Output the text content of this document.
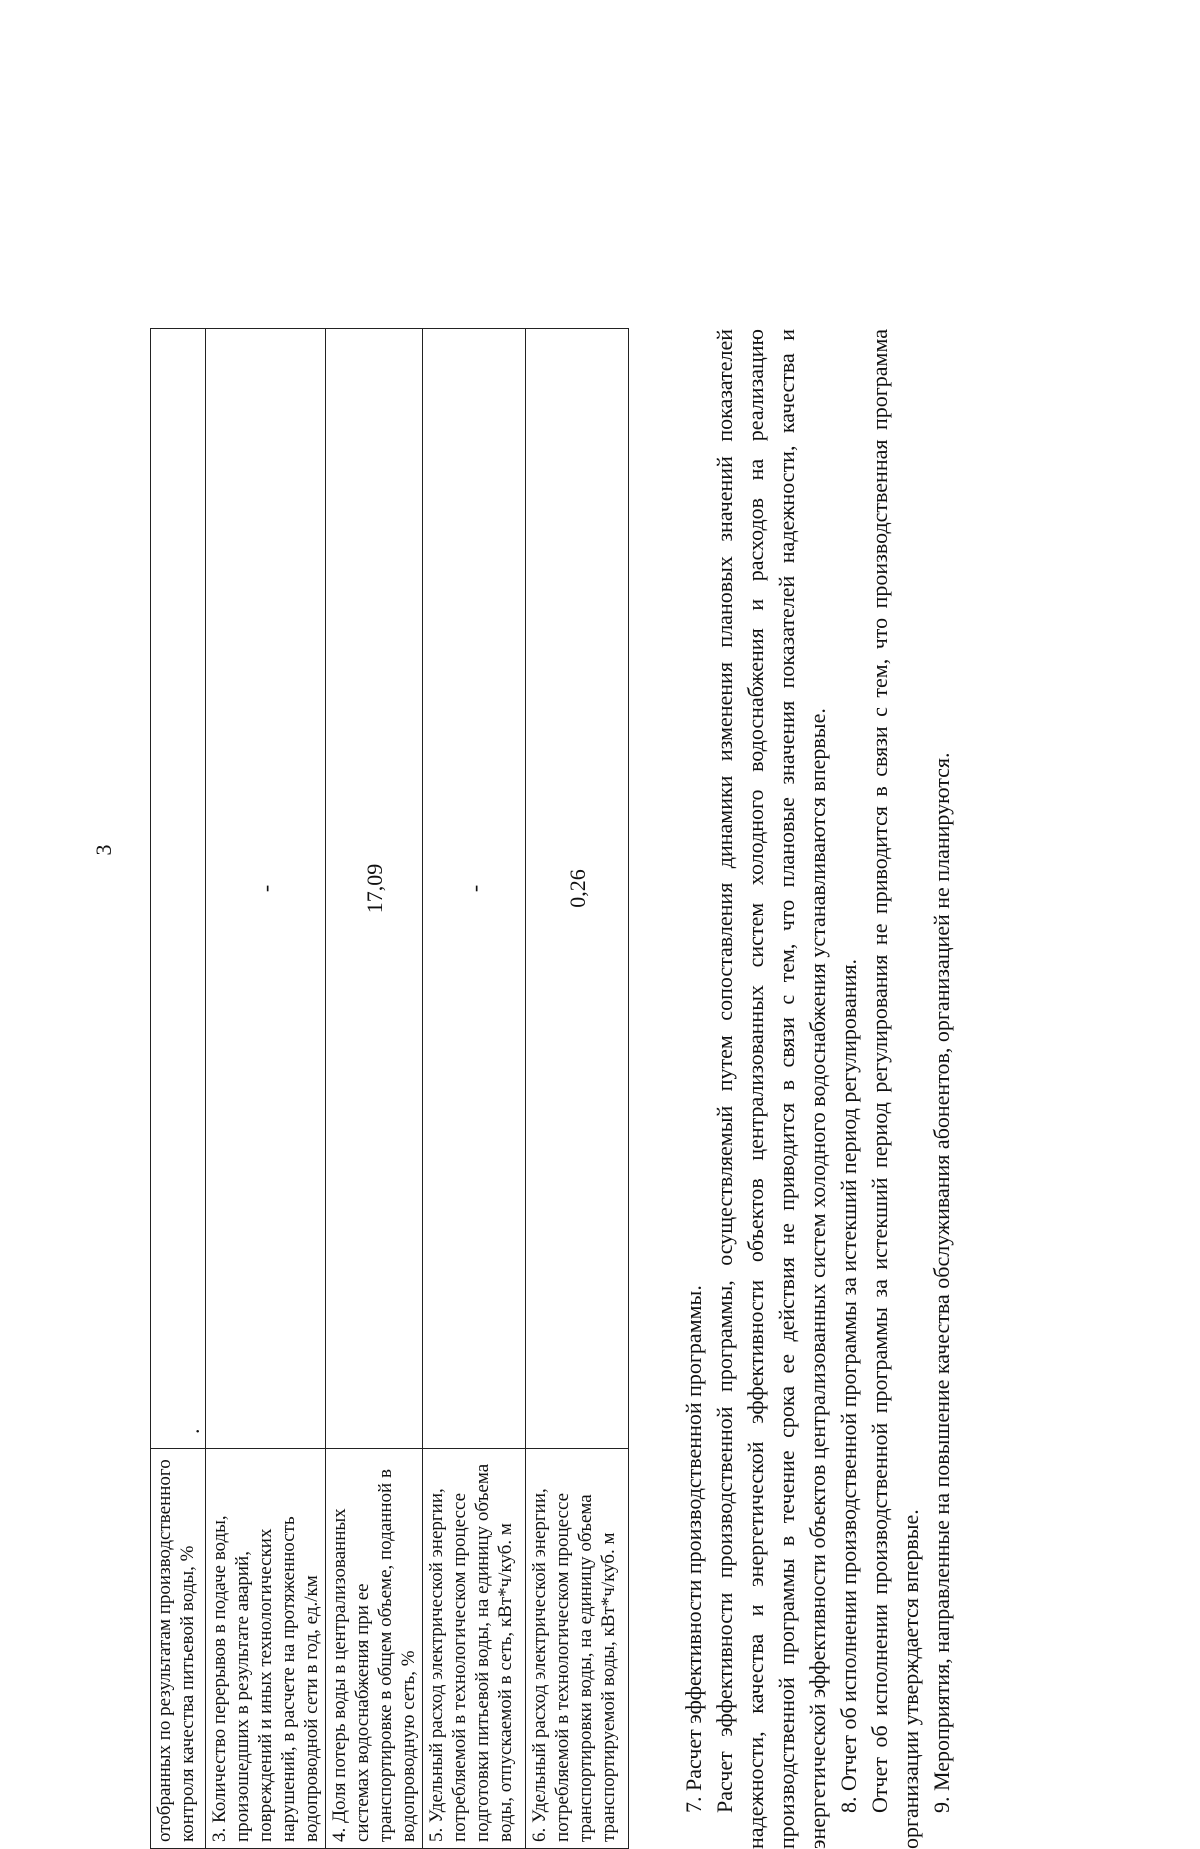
3
отобранных по результатам производственного контроля качества питьевой воды, %	.
3. Количество перерывов в подаче воды, произошедших в результате аварий, повреждений и иных технологических нарушений, в расчете на протяженность водопроводной сети в год, ед./км	-
4. Доля потерь воды в централизованных системах водоснабжения при ее транспортировке в общем объеме, поданной в водопроводную сеть, %	17,09
5. Удельный расход электрической энергии, потребляемой в технологическом процессе подготовки питьевой воды, на единицу объема воды, отпускаемой в сеть, кВт*ч/куб. м	-
6. Удельный расход электрической энергии, потребляемой в технологическом процессе транспортировки воды, на единицу объема транспортируемой воды, кВт*ч/куб. м	0,26

7. Расчет эффективности производственной программы. Расчет эффективности производственной программы, осуществляемый путем сопоставления динамики изменения плановых значений показателей надежности, качества и энергетической эффективности объектов централизованных систем холодного водоснабжения и расходов на реализацию производственной программы в течение срока ее действия не приводится в связи с тем, что плановые значения показателей надежности, качества и энергетической эффективности объектов централизованных систем холодного водоснабжения устанавливаются впервые. 8. Отчет об исполнении производственной программы за истекший период регулирования. Отчет об исполнении производственной программы за истекший период регулирования не приводится в связи с тем, что производственная программа организации утверждается впервые. 9. Мероприятия, направленные на повышение качества обслуживания абонентов, организацией не планируются.
